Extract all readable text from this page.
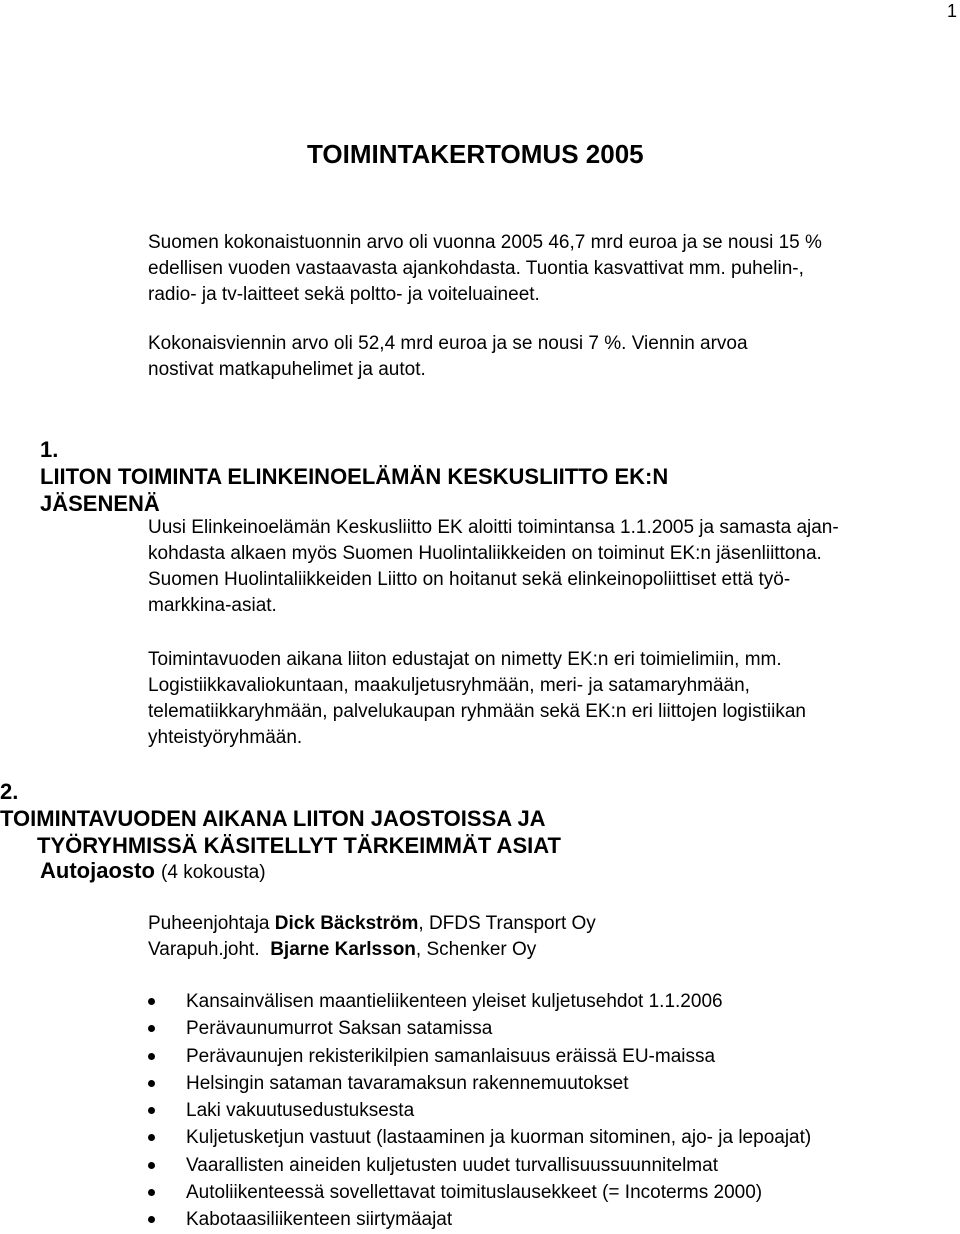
1
TOIMINTAKERTOMUS 2005

Suomen kokonaistuonnin arvo oli vuonna 2005 46,7 mrd euroa ja se nousi 15 %
edellisen vuoden vastaavasta ajankohdasta. Tuontia kasvattivat mm. puhelin-,
radio- ja tv-laitteet sekä poltto- ja voiteluaineet.

Kokonaisviennin arvo oli 52,4 mrd euroa ja se nousi 7 %. Viennin arvoa
nostivat matkapuhelimet ja autot.

1.
LIITON TOIMINTA ELINKEINOELÄMÄN KESKUSLIITTO EK:N
JÄSENENÄ

Uusi Elinkeinoelämän Keskusliitto EK aloitti toimintansa 1.1.2005 ja samasta ajan-
kohdasta alkaen myös Suomen Huolintaliikkeiden on toiminut EK:n jäsenliittona.
Suomen Huolintaliikkeiden Liitto on hoitanut sekä elinkeinopoliittiset että työ-
markkina-asiat.

Toimintavuoden aikana liiton edustajat on nimetty EK:n eri toimielimiin, mm.
Logistiikkavaliokuntaan, maakuljetusryhmään, meri- ja satamaryhmään,
telematiikkaryhmään, palvelukaupan ryhmään sekä EK:n eri liittojen logistiikan
yhteistyöryhmään.

2.
TOIMINTAVUODEN AIKANA LIITON JAOSTOISSA JA
TYÖRYHMISSÄ KÄSITELLYT TÄRKEIMMÄT ASIAT
Autojaosto (4 kokousta)
Puheenjohtaja Dick Bäckström, DFDS Transport Oy
Varapuh.joht. Bjarne Karlsson, Schenker Oy
Kansainvälisen maantieliikenteen yleiset kuljetusehdot 1.1.2006
Perävaunumurrot Saksan satamissa
Perävaunujen rekisterikilpien samanlaisuus eräissä EU-maissa
Helsingin sataman tavaramaksun rakennemuutokset
Laki vakuutusedustuksesta
Kuljetusketjun vastuut (lastaaminen ja kuorman sitominen, ajo- ja lepoajat)
Vaarallisten aineiden kuljetusten uudet turvallisuussuunnitelmat
Autoliikenteessä sovellettavat toimituslausekkeet (= Incoterms 2000)
Kabotaasiliikenteen siirtymäajat
